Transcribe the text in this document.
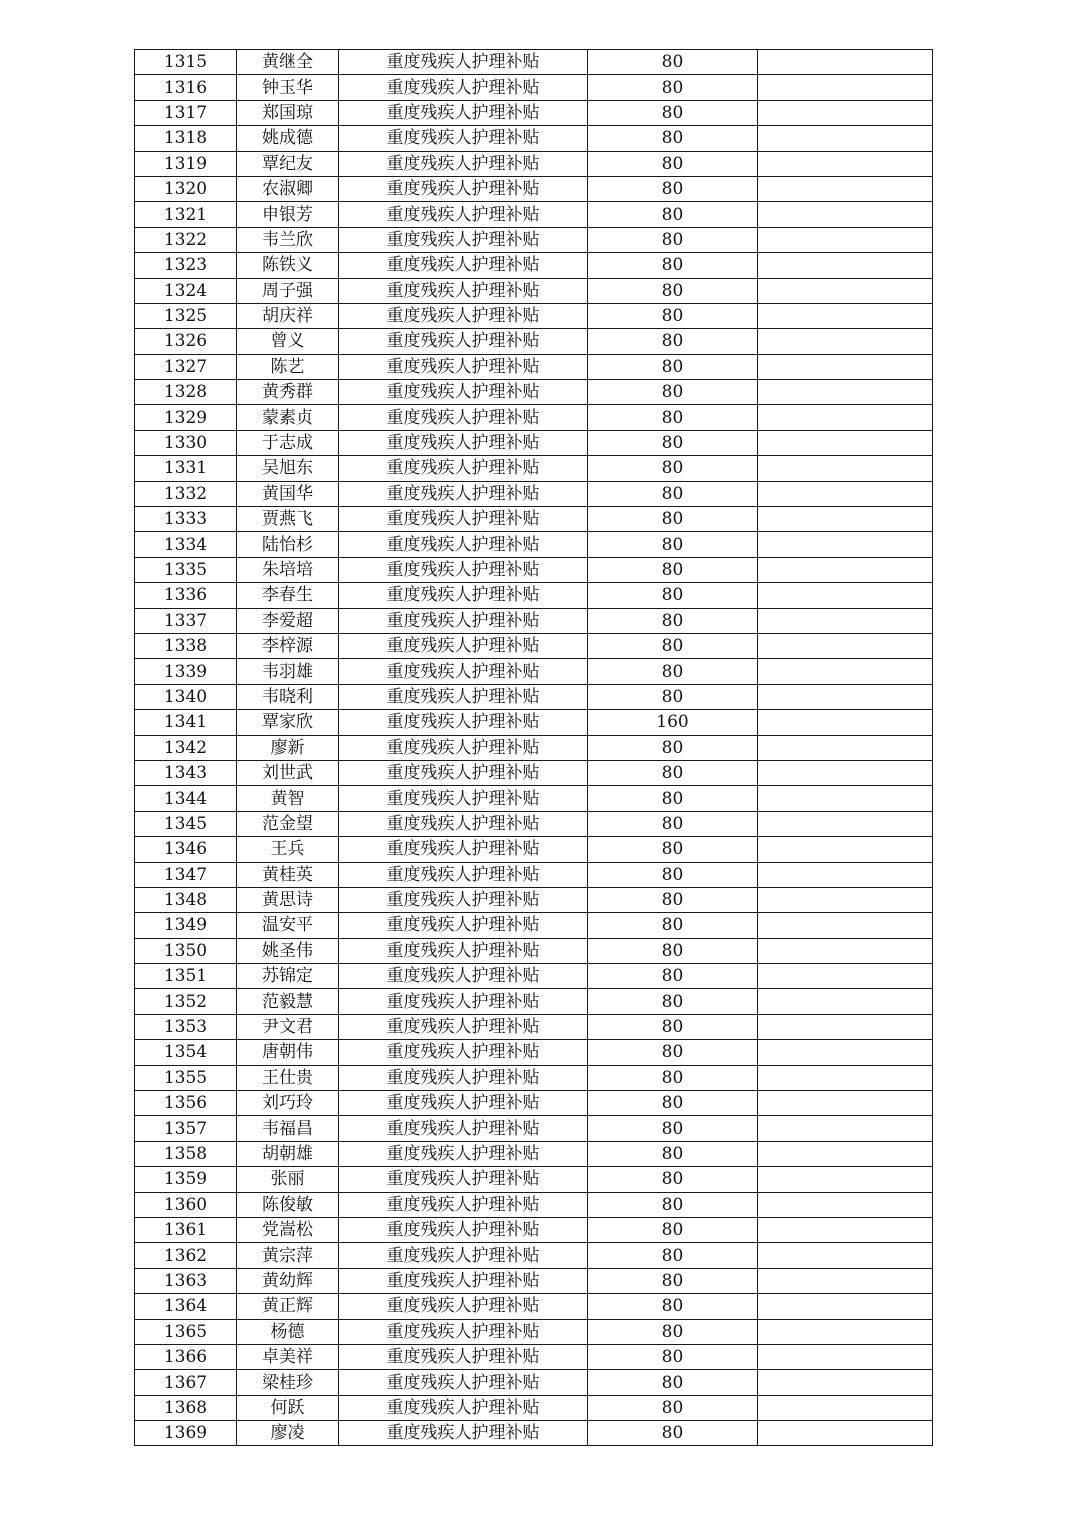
1315	黄继全	重度残疾人护理补贴	80	
1316	钟玉华	重度残疾人护理补贴	80	
1317	郑国琼	重度残疾人护理补贴	80	
1318	姚成德	重度残疾人护理补贴	80	
1319	覃纪友	重度残疾人护理补贴	80	
1320	农淑卿	重度残疾人护理补贴	80	
1321	申银芳	重度残疾人护理补贴	80	
1322	韦兰欣	重度残疾人护理补贴	80	
1323	陈铁义	重度残疾人护理补贴	80	
1324	周子强	重度残疾人护理补贴	80	
1325	胡庆祥	重度残疾人护理补贴	80	
1326	曾义	重度残疾人护理补贴	80	
1327	陈艺	重度残疾人护理补贴	80	
1328	黄秀群	重度残疾人护理补贴	80	
1329	蒙素贞	重度残疾人护理补贴	80	
1330	于志成	重度残疾人护理补贴	80	
1331	吴旭东	重度残疾人护理补贴	80	
1332	黄国华	重度残疾人护理补贴	80	
1333	贾燕飞	重度残疾人护理补贴	80	
1334	陆怡杉	重度残疾人护理补贴	80	
1335	朱培培	重度残疾人护理补贴	80	
1336	李春生	重度残疾人护理补贴	80	
1337	李爱超	重度残疾人护理补贴	80	
1338	李梓源	重度残疾人护理补贴	80	
1339	韦羽雄	重度残疾人护理补贴	80	
1340	韦晓利	重度残疾人护理补贴	80	
1341	覃家欣	重度残疾人护理补贴	160	
1342	廖新	重度残疾人护理补贴	80	
1343	刘世武	重度残疾人护理补贴	80	
1344	黄智	重度残疾人护理补贴	80	
1345	范金望	重度残疾人护理补贴	80	
1346	王兵	重度残疾人护理补贴	80	
1347	黄桂英	重度残疾人护理补贴	80	
1348	黄思诗	重度残疾人护理补贴	80	
1349	温安平	重度残疾人护理补贴	80	
1350	姚圣伟	重度残疾人护理补贴	80	
1351	苏锦定	重度残疾人护理补贴	80	
1352	范毅慧	重度残疾人护理补贴	80	
1353	尹文君	重度残疾人护理补贴	80	
1354	唐朝伟	重度残疾人护理补贴	80	
1355	王仕贵	重度残疾人护理补贴	80	
1356	刘巧玲	重度残疾人护理补贴	80	
1357	韦福昌	重度残疾人护理补贴	80	
1358	胡朝雄	重度残疾人护理补贴	80	
1359	张丽	重度残疾人护理补贴	80	
1360	陈俊敏	重度残疾人护理补贴	80	
1361	党嵩松	重度残疾人护理补贴	80	
1362	黄宗萍	重度残疾人护理补贴	80	
1363	黄幼辉	重度残疾人护理补贴	80	
1364	黄正辉	重度残疾人护理补贴	80	
1365	杨德	重度残疾人护理补贴	80	
1366	卓美祥	重度残疾人护理补贴	80	
1367	梁桂珍	重度残疾人护理补贴	80	
1368	何跃	重度残疾人护理补贴	80	
1369	廖凌	重度残疾人护理补贴	80	
